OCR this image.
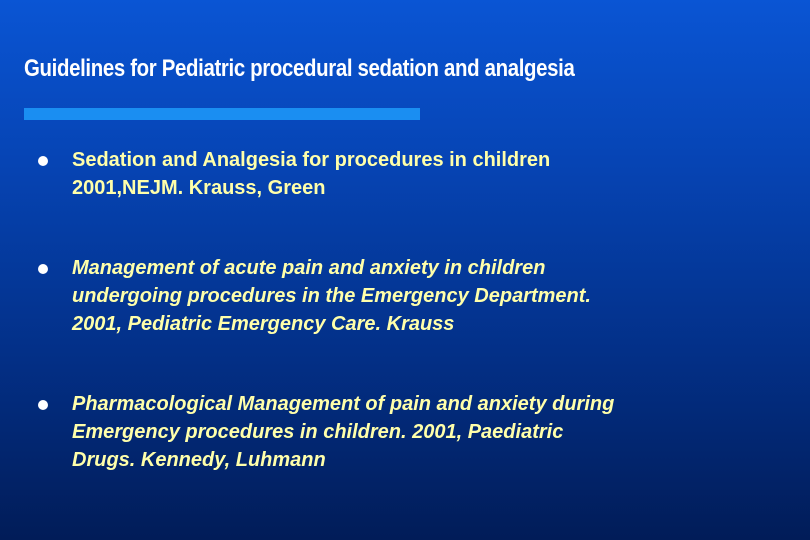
Guidelines for Pediatric procedural sedation and analgesia
Sedation and Analgesia for procedures in children
2001,NEJM. Krauss, Green
Management of acute pain and anxiety in children
undergoing procedures in the Emergency Department.
2001, Pediatric Emergency Care. Krauss
Pharmacological Management of pain and anxiety during
Emergency procedures in children. 2001, Paediatric
Drugs. Kennedy, Luhmann
